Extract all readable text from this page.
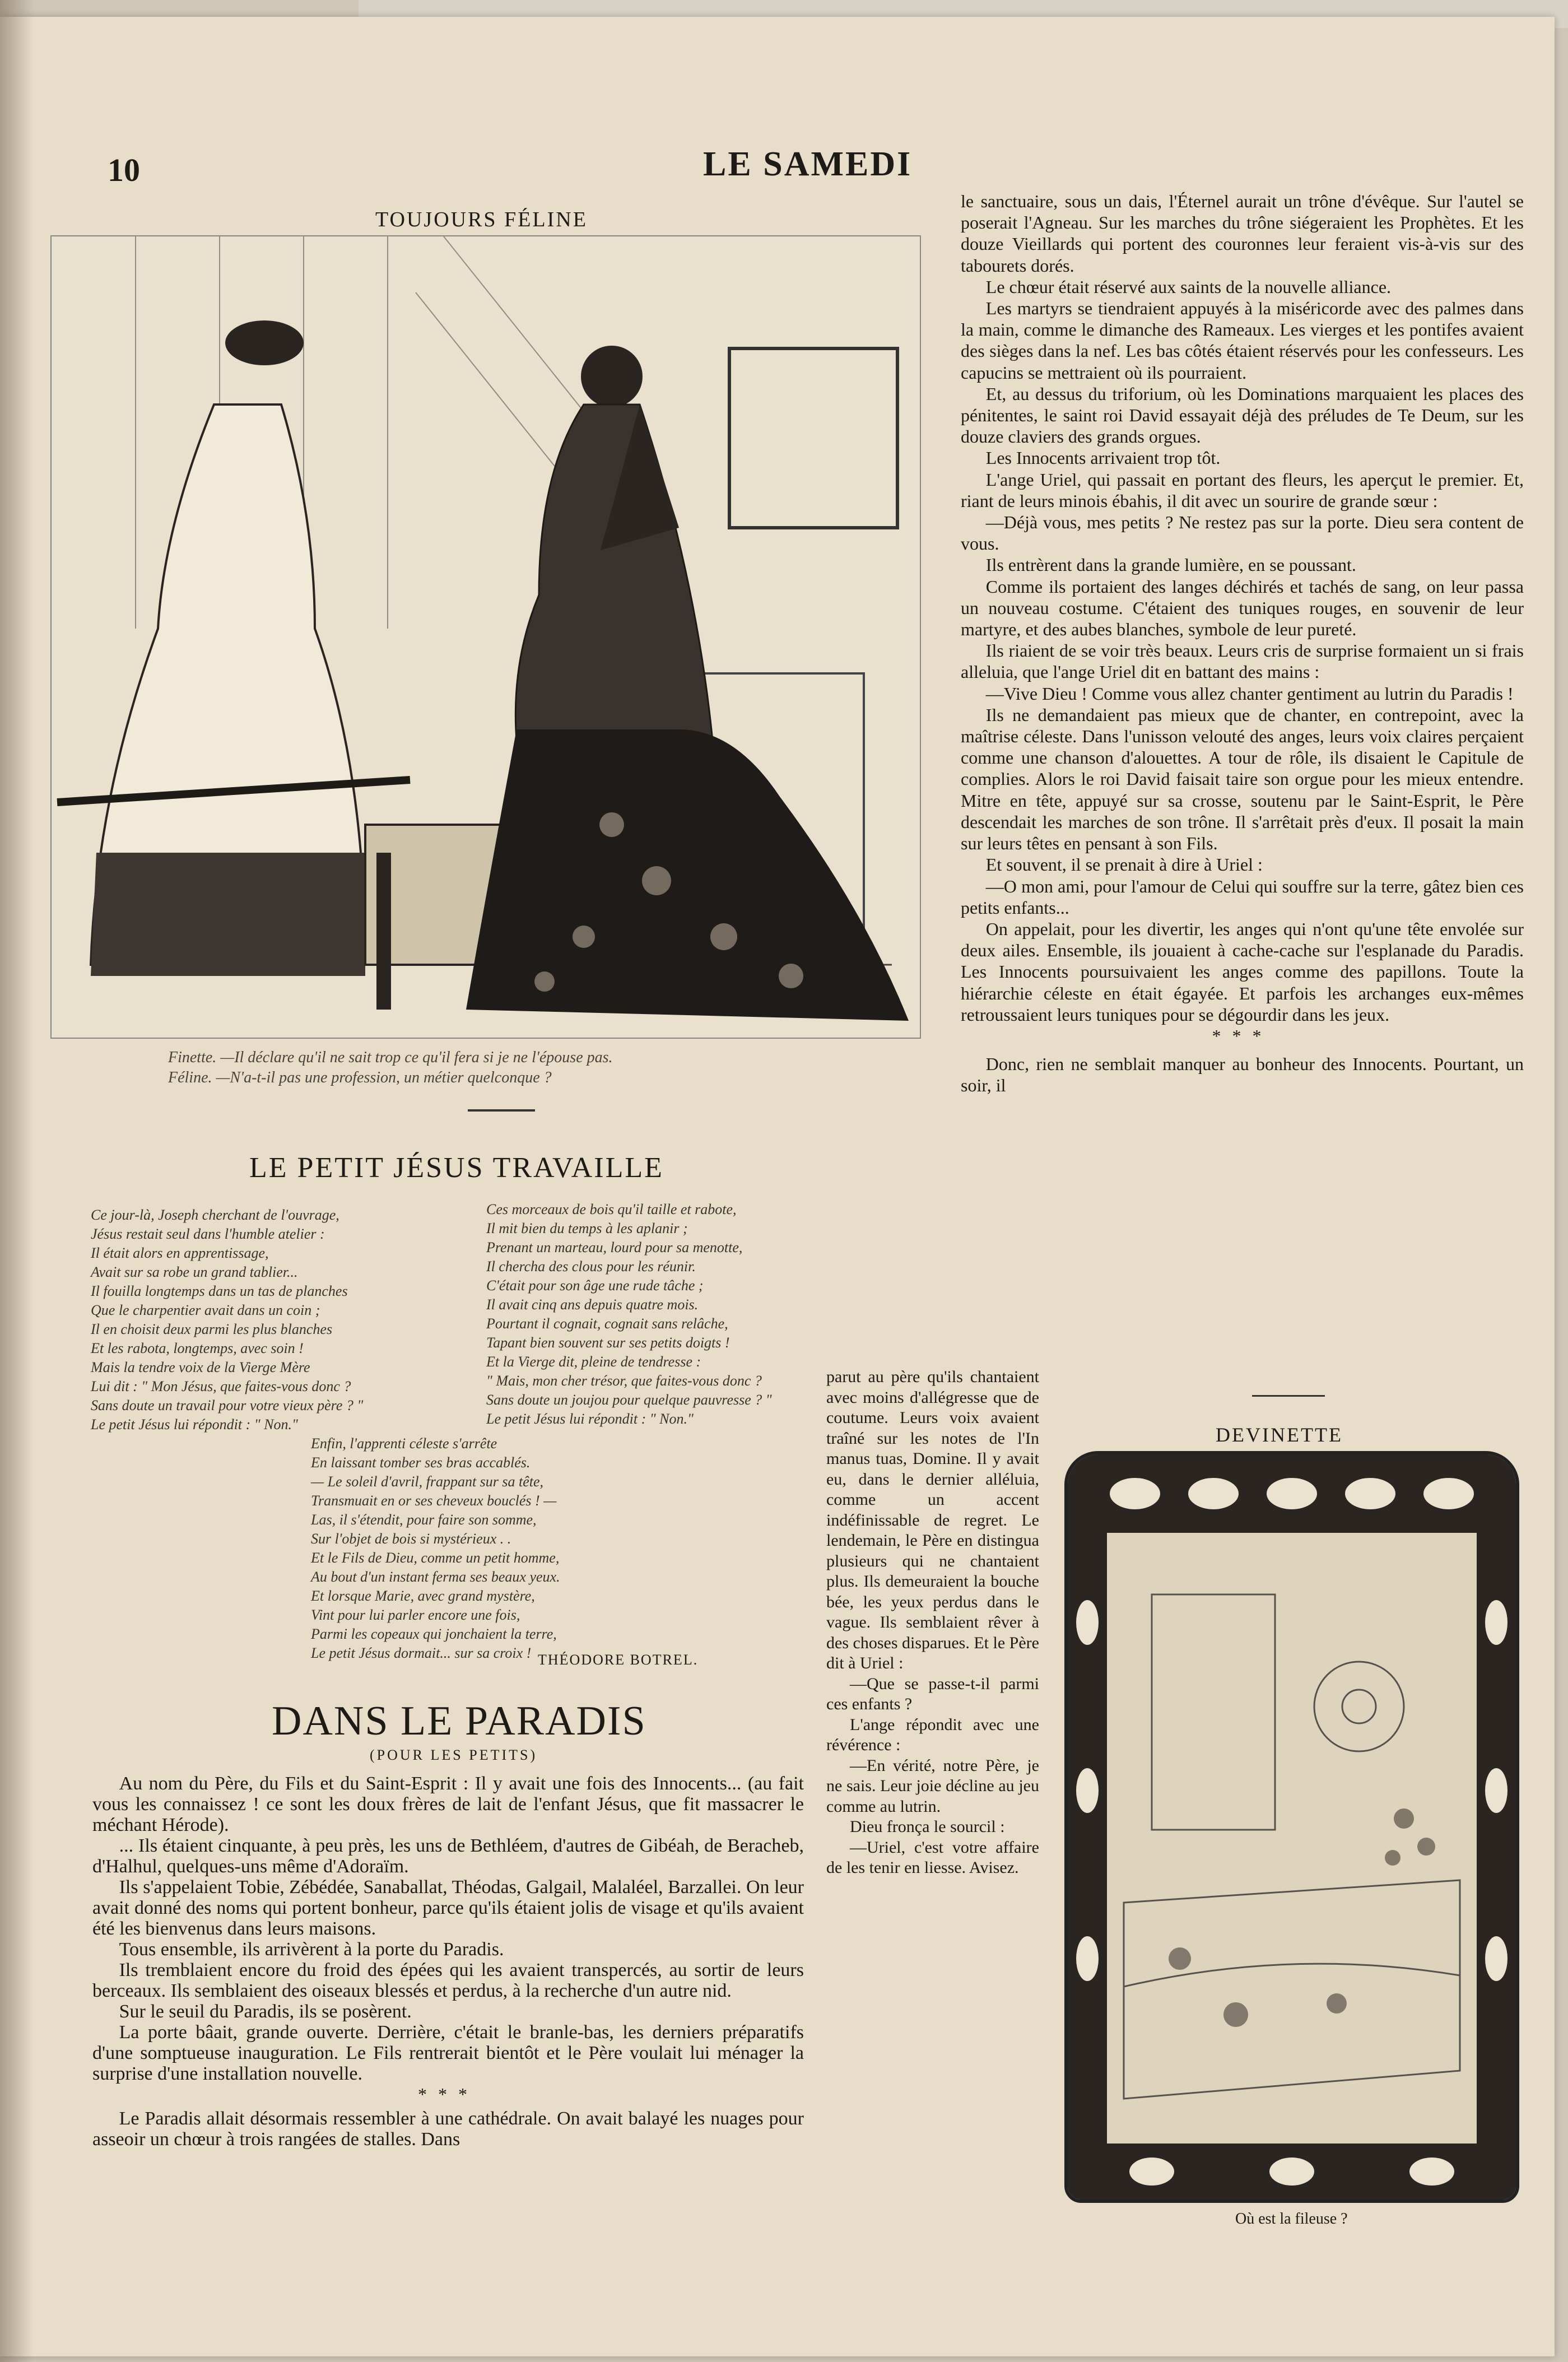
10	LE SAMEDI
TOUJOURS FÉLINE
Finette. —Il déclare qu'il ne sait trop ce qu'il fera si je ne l'épouse pas.
Féline. —N'a-t-il pas une profession, un métier quelconque ?
LE PETIT JÉSUS TRAVAILLE
Ce jour-là, Joseph cherchant de l'ouvrage,
Jésus restait seul dans l'humble atelier :
Il était alors en apprentissage,
Avait sur sa robe un grand tablier...
Il fouilla longtemps dans un tas de planches
Que le charpentier avait dans un coin ;
Il en choisit deux parmi les plus blanches
Et les rabota, longtemps, avec soin !
Mais la tendre voix de la Vierge Mère
Lui dit : " Mon Jésus, que faites-vous donc ?
Sans doute un travail pour votre vieux père ? "
Le petit Jésus lui répondit : " Non."
Ces morceaux de bois qu'il taille et rabote,
Il mit bien du temps à les aplanir ;
Prenant un marteau, lourd pour sa menotte,
Il chercha des clous pour les réunir.
C'était pour son âge une rude tâche ;
Il avait cinq ans depuis quatre mois.
Pourtant il cognait, cognait sans relâche,
Tapant bien souvent sur ses petits doigts !
Et la Vierge dit, pleine de tendresse :
" Mais, mon cher trésor, que faites-vous donc ?
Sans doute un joujou pour quelque pauvresse ? "
Le petit Jésus lui répondit : " Non."
Enfin, l'apprenti céleste s'arrête
En laissant tomber ses bras accablés.
— Le soleil d'avril, frappant sur sa tête,
Transmuait en or ses cheveux bouclés ! —
Las, il s'étendit, pour faire son somme,
Sur l'objet de bois si mystérieux . .
Et le Fils de Dieu, comme un petit homme,
Au bout d'un instant ferma ses beaux yeux.
Et lorsque Marie, avec grand mystère,
Vint pour lui parler encore une fois,
Parmi les copeaux qui jonchaient la terre,
Le petit Jésus dormait... sur sa croix ! THÉODORE BOTREL.
DANS LE PARADIS
(POUR LES PETITS)

Au nom du Père, du Fils et du Saint-Esprit : Il y avait une fois des Innocents... (au fait vous les connaissez ! ce sont les doux frères de lait de l'enfant Jésus, que fit massacrer le méchant Hérode).

... Ils étaient cinquante, à peu près, les uns de Bethléem, d'autres de Gibéah, de Beracheb, d'Halhul, quelques-uns même d'Adoraïm.

Ils s'appelaient Tobie, Zébédée, Sanaballat, Théodas, Galgail, Malaléel, Barzallei. On leur avait donné des noms qui portent bonheur, parce qu'ils étaient jolis de visage et qu'ils avaient été les bienvenus dans leurs maisons.

Tous ensemble, ils arrivèrent à la porte du Paradis.

Ils tremblaient encore du froid des épées qui les avaient transpercés, au sortir de leurs berceaux. Ils semblaient des oiseaux blessés et perdus, à la recherche d'un autre nid.

Sur le seuil du Paradis, ils se posèrent.

La porte bâait, grande ouverte. Derrière, c'était le branle-bas, les derniers préparatifs d'une somptueuse inauguration. Le Fils rentrerait bientôt et le Père voulait lui ménager la surprise d'une installation nouvelle.

***

Le Paradis allait désormais ressembler à une cathédrale. On avait balayé les nuages pour asseoir un chœur à trois rangées de stalles. Dans

le sanctuaire, sous un dais, l'Éternel aurait un trône d'évêque. Sur l'autel se poserait l'Agneau. Sur les marches du trône siégeraient les Prophètes. Et les douze Vieillards qui portent des couronnes leur feraient vis-à-vis sur des tabourets dorés.

Le chœur était réservé aux saints de la nouvelle alliance.

Les martyrs se tiendraient appuyés à la miséricorde avec des palmes dans la main, comme le dimanche des Rameaux. Les vierges et les pontifes avaient des sièges dans la nef. Les bas côtés étaient réservés pour les confesseurs. Les capucins se mettraient où ils pourraient.

Et, au dessus du triforium, où les Dominations marquaient les places des pénitentes, le saint roi David essayait déjà des préludes de Te Deum, sur les douze claviers des grands orgues.

Les Innocents arrivaient trop tôt.

L'ange Uriel, qui passait en portant des fleurs, les aperçut le premier. Et, riant de leurs minois ébahis, il dit avec un sourire de grande sœur :

—Déjà vous, mes petits ? Ne restez pas sur la porte. Dieu sera content de vous.

Ils entrèrent dans la grande lumière, en se poussant.

Comme ils portaient des langes déchirés et tachés de sang, on leur passa un nouveau costume. C'étaient des tuniques rouges, en souvenir de leur martyre, et des aubes blanches, symbole de leur pureté.

Ils riaient de se voir très beaux. Leurs cris de surprise formaient un si frais alleluia, que l'ange Uriel dit en battant des mains :

—Vive Dieu ! Comme vous allez chanter gentiment au lutrin du Paradis !

Ils ne demandaient pas mieux que de chanter, en contrepoint, avec la maîtrise céleste. Dans l'unisson velouté des anges, leurs voix claires perçaient comme une chanson d'alouettes. A tour de rôle, ils disaient le Capitule de complies. Alors le roi David faisait taire son orgue pour les mieux entendre. Mitre en tête, appuyé sur sa crosse, soutenu par le Saint-Esprit, le Père descendait les marches de son trône. Il s'arrêtait près d'eux. Il posait la main sur leurs têtes en pensant à son Fils.

Et souvent, il se prenait à dire à Uriel :

—O mon ami, pour l'amour de Celui qui souffre sur la terre, gâtez bien ces petits enfants...

On appelait, pour les divertir, les anges qui n'ont qu'une tête envolée sur deux ailes. Ensemble, ils jouaient à cache-cache sur l'esplanade du Paradis. Les Innocents poursuivaient les anges comme des papillons. Toute la hiérarchie céleste en était égayée. Et parfois les archanges eux-mêmes retroussaient leurs tuniques pour se dégourdir dans les jeux.

***

Donc, rien ne semblait manquer au bonheur des Innocents. Pourtant, un soir, il

parut au père qu'ils chantaient avec moins d'allégresse que de coutume. Leurs voix avaient traîné sur les notes de l'In manus tuas, Domine. Il y avait eu, dans le dernier alléluia, comme un accent indéfinissable de regret. Le lendemain, le Père en distingua plusieurs qui ne chantaient plus. Ils demeuraient la bouche bée, les yeux perdus dans le vague. Ils semblaient rêver à des choses disparues. Et le Père dit à Uriel :

—Que se passe-t-il parmi ces enfants ?

L'ange répondit avec une révérence :

—En vérité, notre Père, je ne sais. Leur joie décline au jeu comme au lutrin.

Dieu fronça le sourcil :

—Uriel, c'est votre affaire de les tenir en liesse. Avisez.

DEVINETTE
Où est la fileuse ?
